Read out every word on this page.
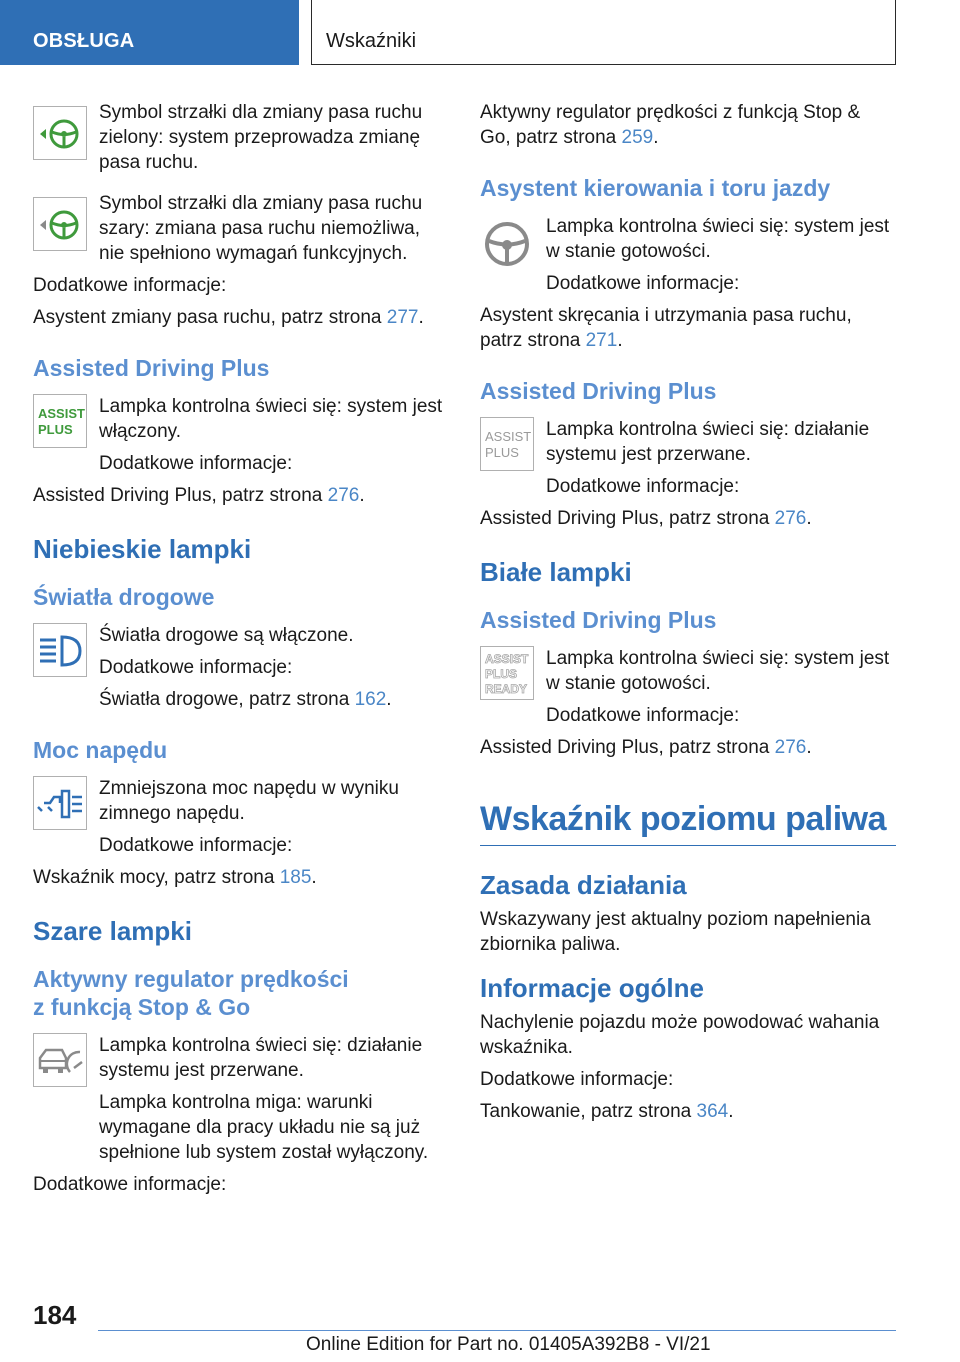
OBSŁUGA	Wskaźniki
Symbol strzałki dla zmiany pasa ruchu zielony: system przeprowadza zmianę pasa ruchu.
Symbol strzałki dla zmiany pasa ruchu szary: zmiana pasa ruchu niemożliwa, nie spełniono wymagań funkcyjnych.
Dodatkowe informacje:
Asystent zmiany pasa ruchu, patrz strona 277.
Assisted Driving Plus
ASSIST
PLUS
Lampka kontrolna świeci się: system jest włączony.
Dodatkowe informacje:
Assisted Driving Plus, patrz strona 276.
Niebieskie lampki
Światła drogowe
Światła drogowe są włączone.
Dodatkowe informacje:
Światła drogowe, patrz strona 162.
Moc napędu
Zmniejszona moc napędu w wyniku zimnego napędu.
Dodatkowe informacje:
Wskaźnik mocy, patrz strona 185.
Szare lampki
Aktywny regulator prędkości
z funkcją Stop & Go
Lampka kontrolna świeci się: działanie systemu jest przerwane.
Lampka kontrolna miga: warunki wymagane dla pracy układu nie są już spełnione lub system został wyłączony.
Dodatkowe informacje:
Aktywny regulator prędkości z funkcją Stop & Go, patrz strona 259.
Asystent kierowania i toru jazdy
Lampka kontrolna świeci się: system jest w stanie gotowości.
Dodatkowe informacje:
Asystent skręcania i utrzymania pasa ruchu, patrz strona 271.
Assisted Driving Plus
ASSIST
PLUS
Lampka kontrolna świeci się: działanie systemu jest przerwane.
Dodatkowe informacje:
Assisted Driving Plus, patrz strona 276.
Białe lampki
Assisted Driving Plus
ASSIST
PLUS
READY
Lampka kontrolna świeci się: system jest w stanie gotowości.
Dodatkowe informacje:
Assisted Driving Plus, patrz strona 276.
Wskaźnik poziomu paliwa
Zasada działania
Wskazywany jest aktualny poziom napełnienia zbiornika paliwa.
Informacje ogólne
Nachylenie pojazdu może powodować wahania wskaźnika.
Dodatkowe informacje:
Tankowanie, patrz strona 364.
184
Online Edition for Part no. 01405A392B8 - VI/21
